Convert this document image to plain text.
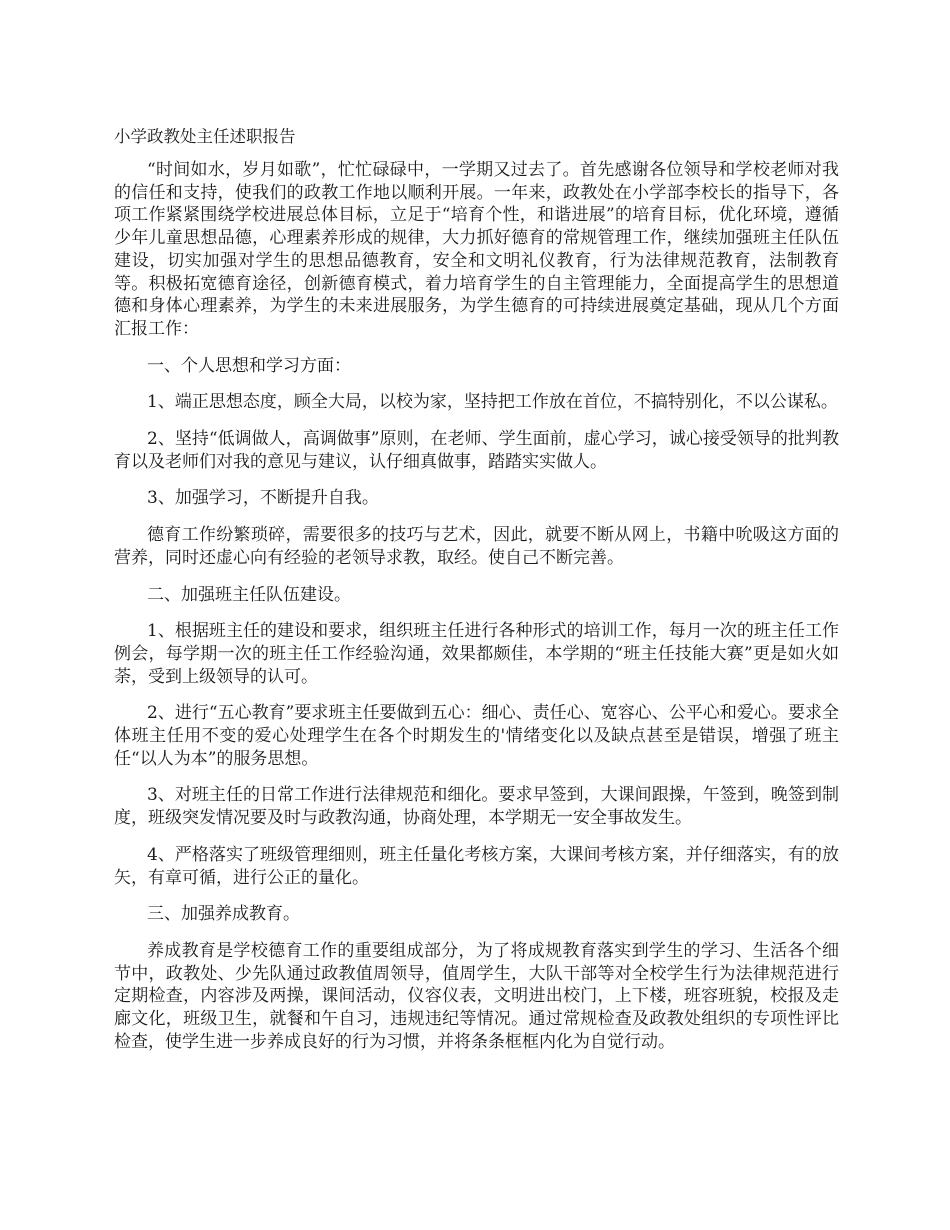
小学政教处主任述职报告

“时间如水，岁月如歌”，忙忙碌碌中，一学期又过去了。首先感谢各位领导和学校老师对我的信任和支持，使我们的政教工作地以顺利开展。一年来，政教处在小学部李校长的指导下，各项工作紧紧围绕学校进展总体目标，立足于“培育个性，和谐进展”的培育目标，优化环境，遵循少年儿童思想品德，心理素养形成的规律，大力抓好德育的常规管理工作，继续加强班主任队伍建设，切实加强对学生的思想品德教育，安全和文明礼仪教育，行为法律规范教育，法制教育等。积极拓宽德育途径，创新德育模式，着力培育学生的自主管理能力，全面提高学生的思想道德和身体心理素养，为学生的未来进展服务，为学生德育的可持续进展奠定基础，现从几个方面汇报工作：

一、个人思想和学习方面：

1、端正思想态度，顾全大局，以校为家，坚持把工作放在首位，不搞特别化，不以公谋私。

2、坚持“低调做人，高调做事”原则，在老师、学生面前，虚心学习，诚心接受领导的批判教育以及老师们对我的意见与建议，认仔细真做事，踏踏实实做人。

3、加强学习，不断提升自我。

德育工作纷繁琐碎，需要很多的技巧与艺术，因此，就要不断从网上，书籍中吮吸这方面的营养，同时还虚心向有经验的老领导求教，取经。使自己不断完善。

二、加强班主任队伍建设。

1、根据班主任的建设和要求，组织班主任进行各种形式的培训工作，每月一次的班主任工作例会，每学期一次的班主任工作经验沟通，效果都颇佳，本学期的“班主任技能大赛”更是如火如荼，受到上级领导的认可。

2、进行“五心教育”要求班主任要做到五心：细心、责任心、宽容心、公平心和爱心。要求全体班主任用不变的爱心处理学生在各个时期发生的'情绪变化以及缺点甚至是错误，增强了班主任“以人为本”的服务思想。

3、对班主任的日常工作进行法律规范和细化。要求早签到，大课间跟操，午签到，晚签到制度，班级突发情况要及时与政教沟通，协商处理，本学期无一安全事故发生。

4、严格落实了班级管理细则，班主任量化考核方案，大课间考核方案，并仔细落实，有的放矢，有章可循，进行公正的量化。

三、加强养成教育。

养成教育是学校德育工作的重要组成部分，为了将成规教育落实到学生的学习、生活各个细节中，政教处、少先队通过政教值周领导，值周学生，大队干部等对全校学生行为法律规范进行定期检查，内容涉及两操，课间活动，仪容仪表，文明进出校门，上下楼，班容班貌，校报及走廊文化，班级卫生，就餐和午自习，违规违纪等情况。通过常规检查及政教处组织的专项性评比检查，使学生进一步养成良好的行为习惯，并将条条框框内化为自觉行动。
